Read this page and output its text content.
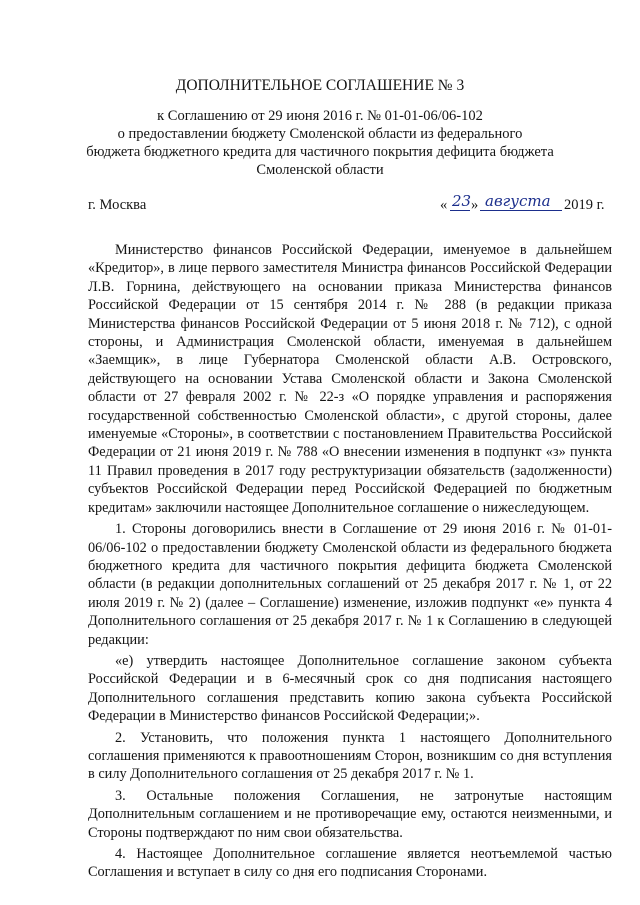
ДОПОЛНИТЕЛЬНОЕ СОГЛАШЕНИЕ № 3
к Соглашению от 29 июня 2016 г. № 01-01-06/06-102
о предоставлении бюджету Смоленской области из федерального
бюджета бюджетного кредита для частичного покрытия дефицита бюджета
Смоленской области
г. Москва	« 23 » августа 2019 г.

Министерство финансов Российской Федерации, именуемое в дальнейшем «Кредитор», в лице первого заместителя Министра финансов Российской Федерации Л.В. Горнина, действующего на основании приказа Министерства финансов Российской Федерации от 15 сентября 2014 г. № 288 (в редакции приказа Министерства финансов Российской Федерации от 5 июня 2018 г. № 712), с одной стороны, и Администрация Смоленской области, именуемая в дальнейшем «Заемщик», в лице Губернатора Смоленской области А.В. Островского, действующего на основании Устава Смоленской области и Закона Смоленской области от 27 февраля 2002 г. № 22-з «О порядке управления и распоряжения государственной собственностью Смоленской области», с другой стороны, далее именуемые «Стороны», в соответствии с постановлением Правительства Российской Федерации от 21 июня 2019 г. № 788 «О внесении изменения в подпункт «з» пункта 11 Правил проведения в 2017 году реструктуризации обязательств (задолженности) субъектов Российской Федерации перед Российской Федерацией по бюджетным кредитам» заключили настоящее Дополнительное соглашение о нижеследующем.

1. Стороны договорились внести в Соглашение от 29 июня 2016 г. № 01-01-06/06-102 о предоставлении бюджету Смоленской области из федерального бюджета бюджетного кредита для частичного покрытия дефицита бюджета Смоленской области (в редакции дополнительных соглашений от 25 декабря 2017 г. № 1, от 22 июля 2019 г. № 2) (далее – Соглашение) изменение, изложив подпункт «е» пункта 4 Дополнительного соглашения от 25 декабря 2017 г. № 1 к Соглашению в следующей редакции:

«е) утвердить настоящее Дополнительное соглашение законом субъекта Российской Федерации и в 6-месячный срок со дня подписания настоящего Дополнительного соглашения представить копию закона субъекта Российской Федерации в Министерство финансов Российской Федерации;».

2. Установить, что положения пункта 1 настоящего Дополнительного соглашения применяются к правоотношениям Сторон, возникшим со дня вступления в силу Дополнительного соглашения от 25 декабря 2017 г. № 1.

3. Остальные положения Соглашения, не затронутые настоящим Дополнительным соглашением и не противоречащие ему, остаются неизменными, и Стороны подтверждают по ним свои обязательства.

4. Настоящее Дополнительное соглашение является неотъемлемой частью Соглашения и вступает в силу со дня его подписания Сторонами.
